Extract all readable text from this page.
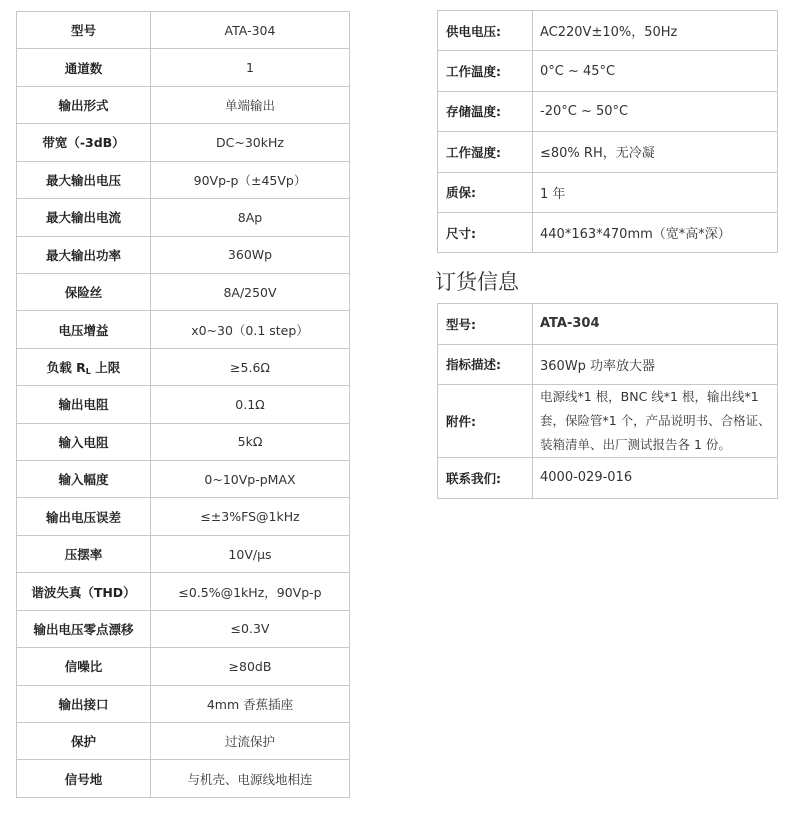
型号	ATA-304
通道数	1
输出形式	单端输出
带宽（-3dB）	DC~30kHz
最大输出电压	90Vp-p（±45Vp）
最大输出电流	8Ap
最大输出功率	360Wp
保险丝	8A/250V
电压增益	x0~30（0.1 step）
负载 $R_L$ 上限	≥5.6Ω
输出电阻	0.1Ω
输入电阻	5kΩ
输入幅度	0~10Vp-pMAX
输出电压误差	≤±3%FS@1kHz
压摆率	10V/μs
谐波失真（THD）	≤0.5%@1kHz，90Vp-p
输出电压零点漂移	≤0.3V
信噪比	≥80dB
输出接口	4mm 香蕉插座
保护	过流保护
信号地	与机壳、电源线地相连
供电电压:	AC220V±10%，50Hz
工作温度:	0°C ~ 45°C
存储温度:	-20°C ~ 50°C
工作湿度:	≤80% RH，无冷凝
质保:	1 年
尺寸:	440*163*470mm（宽*高*深）
订货信息
型号:	ATA-304
指标描述:	360Wp 功率放大器
附件:	电源线*1 根，BNC 线*1 根，输出线*1 套，保险管*1 个，产品说明书、合格证、装箱清单、出厂测试报告各 1 份。
联系我们:	4000-029-016
